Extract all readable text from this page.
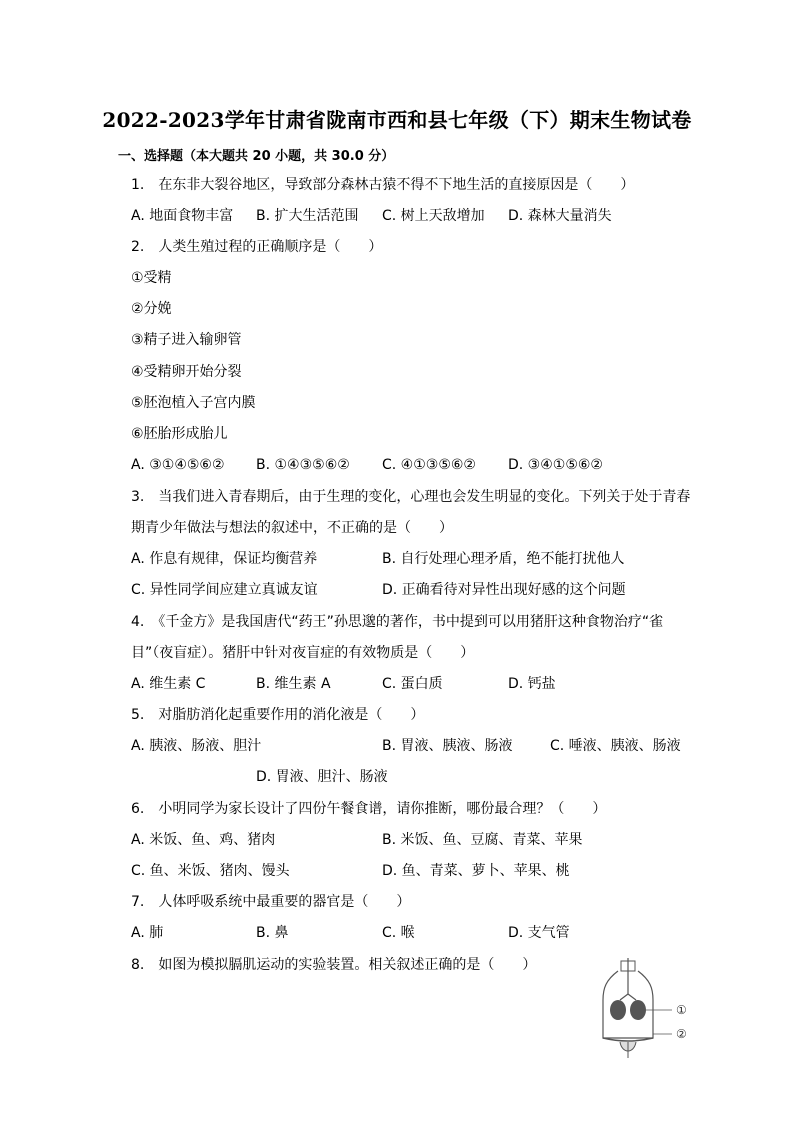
2022-2023学年甘肃省陇南市西和县七年级（下）期末生物试卷
一、选择题（本大题共 20 小题，共 30.0 分）
1.　在东非大裂谷地区，导致部分森林古猿不得不下地生活的直接原因是（　　）
A. 地面食物丰富 B. 扩大生活范围 C. 树上天敌增加 D. 森林大量消失
2.　人类生殖过程的正确顺序是（　　）
①受精
②分娩
③精子进入输卵管
④受精卵开始分裂
⑤胚泡植入子宫内膜
⑥胚胎形成胎儿
A. ③①④⑤⑥② B. ①④③⑤⑥② C. ④①③⑤⑥② D. ③④①⑤⑥②
3.　当我们进入青春期后，由于生理的变化，心理也会发生明显的变化。下列关于处于青春
期青少年做法与想法的叙述中，不正确的是（　　）
A. 作息有规律，保证均衡营养	B. 自行处理心理矛盾，绝不能打扰他人
C. 异性同学间应建立真诚友谊	D. 正确看待对异性出现好感的这个问题
4.　《千金方》是我国唐代“药王”孙思邈的著作，书中提到可以用猪肝这种食物治疗“雀
目”（夜盲症）。猪肝中针对夜盲症的有效物质是（　　）
A. 维生素 C	B. 维生素 A	C. 蛋白质	D. 钙盐
5.　对脂肪消化起重要作用的消化液是（　　）
A. 胰液、肠液、胆汁	B. 胃液、胰液、肠液	C. 唾液、胰液、肠液
D. 胃液、胆汁、肠液
6.　小明同学为家长设计了四份午餐食谱，请你推断，哪份最合理？（　　）
A. 米饭、鱼、鸡、猪肉	B. 米饭、鱼、豆腐、青菜、苹果
C. 鱼、米饭、猪肉、馒头	D. 鱼、青菜、萝卜、苹果、桃
7.　人体呼吸系统中最重要的器官是（　　）
A. 肺	B. 鼻	C. 喉	D. 支气管
8.　如图为模拟膈肌运动的实验装置。相关叙述正确的是（　　）
①
②
